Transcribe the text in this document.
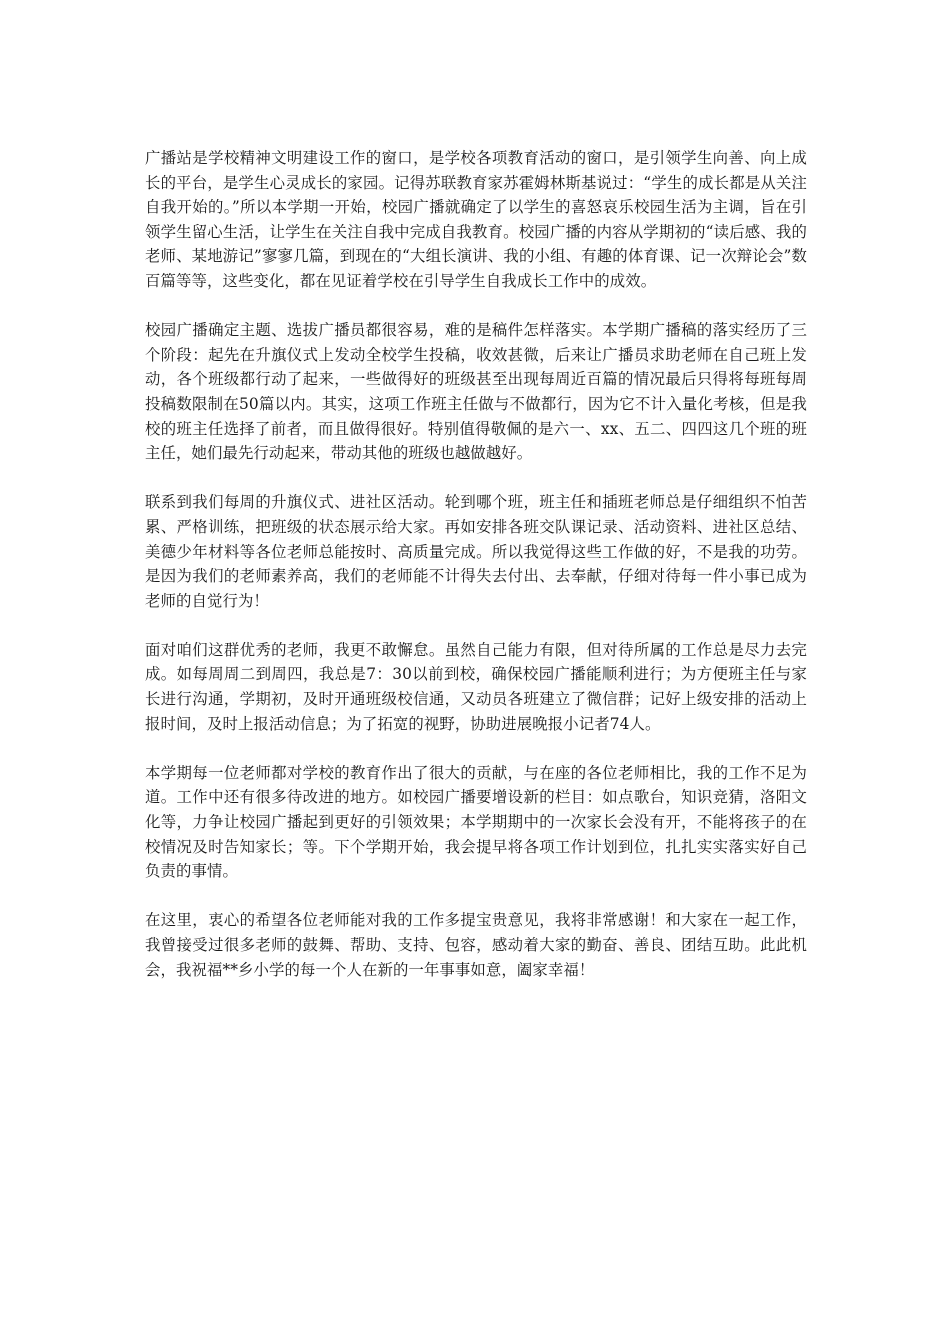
广播站是学校精神文明建设工作的窗口，是学校各项教育活动的窗口，是引领学生向善、向上成长的平台，是学生心灵成长的家园。记得苏联教育家苏霍姆林斯基说过：“学生的成长都是从关注自我开始的。”所以本学期一开始，校园广播就确定了以学生的喜怒哀乐校园生活为主调，旨在引领学生留心生活，让学生在关注自我中完成自我教育。校园广播的内容从学期初的“读后感、我的老师、某地游记”寥寥几篇，到现在的“大组长演讲、我的小组、有趣的体育课、记一次辩论会”数百篇等等，这些变化，都在见证着学校在引导学生自我成长工作中的成效。

校园广播确定主题、选拔广播员都很容易，难的是稿件怎样落实。本学期广播稿的落实经历了三个阶段：起先在升旗仪式上发动全校学生投稿，收效甚微，后来让广播员求助老师在自己班上发动，各个班级都行动了起来，一些做得好的班级甚至出现每周近百篇的情况最后只得将每班每周投稿数限制在50篇以内。其实，这项工作班主任做与不做都行，因为它不计入量化考核，但是我校的班主任选择了前者，而且做得很好。特别值得敬佩的是六一、xx、五二、四四这几个班的班主任，她们最先行动起来，带动其他的班级也越做越好。

联系到我们每周的升旗仪式、进社区活动。轮到哪个班，班主任和插班老师总是仔细组织不怕苦累、严格训练，把班级的状态展示给大家。再如安排各班交队课记录、活动资料、进社区总结、美德少年材料等各位老师总能按时、高质量完成。所以我觉得这些工作做的好，不是我的功劳。是因为我们的老师素养高，我们的老师能不计得失去付出、去奉献，仔细对待每一件小事已成为老师的自觉行为！

面对咱们这群优秀的老师，我更不敢懈怠。虽然自己能力有限，但对待所属的工作总是尽力去完成。如每周周二到周四，我总是7：30以前到校，确保校园广播能顺利进行；为方便班主任与家长进行沟通，学期初，及时开通班级校信通，又动员各班建立了微信群；记好上级安排的活动上报时间，及时上报活动信息；为了拓宽的视野，协助进展晚报小记者74人。

本学期每一位老师都对学校的教育作出了很大的贡献，与在座的各位老师相比，我的工作不足为道。工作中还有很多待改进的地方。如校园广播要增设新的栏目：如点歌台，知识竞猜，洛阳文化等，力争让校园广播起到更好的引领效果；本学期期中的一次家长会没有开，不能将孩子的在校情况及时告知家长；等。下个学期开始，我会提早将各项工作计划到位，扎扎实实落实好自己负责的事情。

在这里，衷心的希望各位老师能对我的工作多提宝贵意见，我将非常感谢！和大家在一起工作，我曾接受过很多老师的鼓舞、帮助、支持、包容，感动着大家的勤奋、善良、团结互助。此此机会，我祝福**乡小学的每一个人在新的一年事事如意，阖家幸福！
